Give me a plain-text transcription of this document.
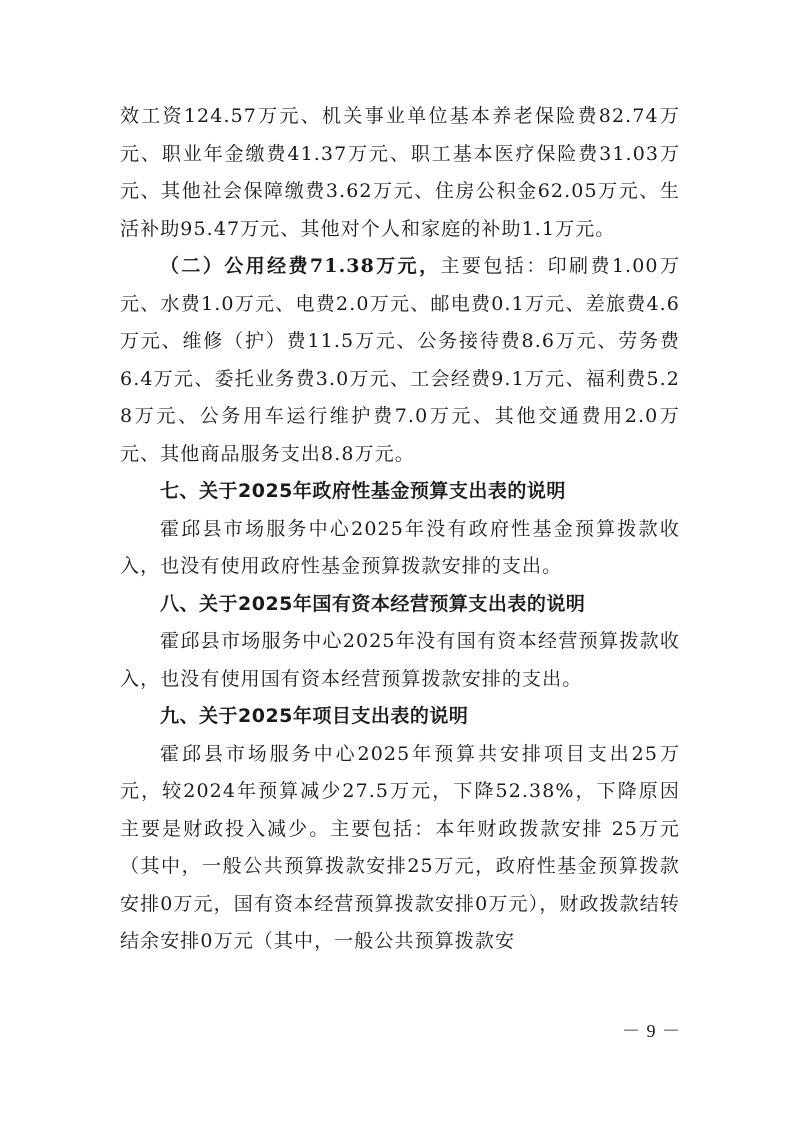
效工资124.57万元、机关事业单位基本养老保险费82.74万元、职业年金缴费41.37万元、职工基本医疗保险费31.03万元、其他社会保障缴费3.62万元、住房公积金62.05万元、生活补助95.47万元、其他对个人和家庭的补助1.1万元。

（二）公用经费71.38万元，主要包括：印刷费1.00万元、水费1.0万元、电费2.0万元、邮电费0.1万元、差旅费4.6万元、维修（护）费11.5万元、公务接待费8.6万元、劳务费6.4万元、委托业务费3.0万元、工会经费9.1万元、福利费5.28万元、公务用车运行维护费7.0万元、其他交通费用2.0万元、其他商品服务支出8.8万元。

七、关于2025年政府性基金预算支出表的说明

霍邱县市场服务中心2025年没有政府性基金预算拨款收入，也没有使用政府性基金预算拨款安排的支出。

八、关于2025年国有资本经营预算支出表的说明

霍邱县市场服务中心2025年没有国有资本经营预算拨款收入，也没有使用国有资本经营预算拨款安排的支出。

九、关于2025年项目支出表的说明

霍邱县市场服务中心2025年预算共安排项目支出25万元，较2024年预算减少27.5万元，下降52.38%，下降原因主要是财政投入减少。主要包括：本年财政拨款安排 25万元（其中，一般公共预算拨款安排25万元，政府性基金预算拨款安排0万元，国有资本经营预算拨款安排0万元），财政拨款结转结余安排0万元（其中，一般公共预算拨款安

－ 9 －
